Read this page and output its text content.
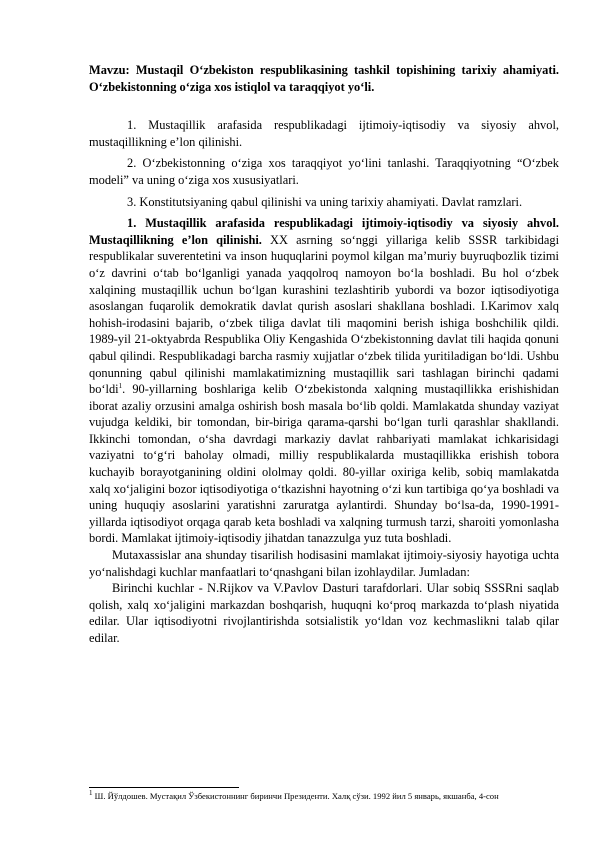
Mavzu: Mustaqil O‘zbekiston respublikasining tashkil topishining tarixiy ahamiyati. O‘zbekistonning o‘ziga xos istiqlol va taraqqiyot yo‘li.

1. Mustaqillik arafasida respublikadagi ijtimoiy-iqtisodiy va siyosiy ahvol, mustaqillikning e’lon qilinishi.

2. O‘zbekistonning o‘ziga xos taraqqiyot yo‘lini tanlashi. Taraqqiyotning “O‘zbek modeli” va uning o‘ziga xos xususiyatlari.

3. Konstitutsiyaning qabul qilinishi va uning tarixiy ahamiyati. Davlat ramzlari.

1. Mustaqillik arafasida respublikadagi ijtimoiy-iqtisodiy va siyosiy ahvol. Mustaqillikning e’lon qilinishi. XX asrning so‘nggi yillariga kelib SSSR tarkibidagi respublikalar suverentetini va inson huquqlarini poymol kilgan ma’muriy buyruqbozlik tizimi o‘z davrini o‘tab bo‘lganligi yanada yaqqolroq namoyon bo‘la boshladi. Bu hol o‘zbek xalqining mustaqillik uchun bo‘lgan kurashini tezlashtirib yubordi va bozor iqtisodiyotiga asoslangan fuqarolik demokratik davlat qurish asoslari shakllana boshladi. I.Karimov xalq hohish-irodasini bajarib, o‘zbek tiliga davlat tili maqomini berish ishiga boshchilik qildi. 1989-yil 21-oktyabrda Respublika Oliy Kengashida O‘zbekistonning davlat tili haqida qonuni qabul qilindi. Respublikadagi barcha rasmiy xujjatlar o‘zbek tilida yuritiladigan bo‘ldi. Ushbu qonunning qabul qilinishi mamlakatimizning mustaqillik sari tashlagan birinchi qadami bo‘ldi$^1$. 90-yillarning boshlariga kelib O‘zbekistonda xalqning mustaqillikka erishishidan iborat azaliy orzusini amalga oshirish bosh masala bo‘lib qoldi. Mamlakatda shunday vaziyat vujudga keldiki, bir tomondan, bir-biriga qarama-qarshi bo‘lgan turli qarashlar shakllandi. Ikkinchi tomondan, o‘sha davrdagi markaziy davlat rahbariyati mamlakat ichkarisidagi vaziyatni to‘g‘ri baholay olmadi, milliy respublikalarda mustaqillikka erishish tobora kuchayib borayotganining oldini ololmay qoldi. 80-yillar oxiriga kelib, sobiq mamlakatda xalq xo‘jaligini bozor iqtisodiyotiga o‘tkazishni hayotning o‘zi kun tartibiga qo‘ya boshladi va uning huquqiy asoslarini yaratishni zaruratga aylantirdi. Shunday bo‘lsa-da, 1990-1991-yillarda iqtisodiyot orqaga qarab keta boshladi va xalqning turmush tarzi, sharoiti yomonlasha bordi. Mamlakat ijtimoiy-iqtisodiy jihatdan tanazzulga yuz tuta boshladi.

Mutaxassislar ana shunday tisarilish hodisasini mamlakat ijtimoiy-siyosiy hayotiga uchta yo‘nalishdagi kuchlar manfaatlari to‘qnashgani bilan izohlaydilar. Jumladan:

Birinchi kuchlar - N.Rijkov va V.Pavlov Dasturi tarafdorlari. Ular sobiq SSSRni saqlab qolish, xalq xo‘jaligini markazdan boshqarish, huquqni ko‘proq markazda to‘plash niyatida edilar. Ular iqtisodiyotni rivojlantirishda sotsialistik yo‘ldan voz kechmaslikni talab qilar edilar.

$^1$ Ш. Йўлдошев. Мустақил Ўзбекистоннинг биринчи Президенти. Халқ сўзи. 1992 йил 5 январь, якшанба, 4-сон
